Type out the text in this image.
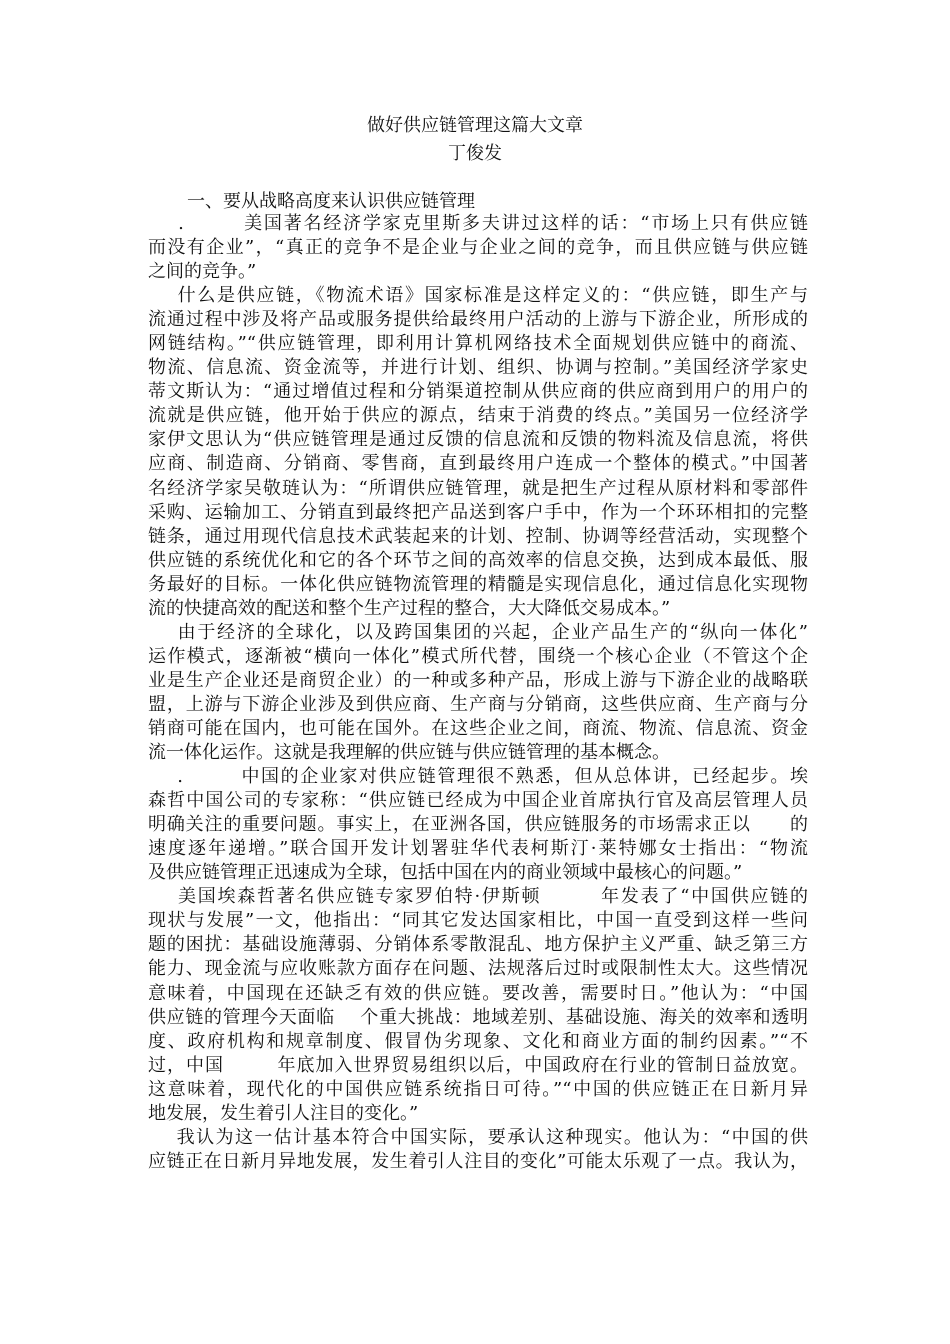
做好供应链管理这篇大文章
丁俊发
一、要从战略高度来认识供应链管理
.        美国著名经济学家克里斯多夫讲过这样的话：“市场上只有供应链
而没有企业”，“真正的竞争不是企业与企业之间的竞争，而且供应链与供应链
之间的竞争。”
什么是供应链，《物流术语》国家标准是这样定义的：“供应链，即生产与
流通过程中涉及将产品或服务提供给最终用户活动的上游与下游企业，所形成的
网链结构。”“供应链管理，即利用计算机网络技术全面规划供应链中的商流、
物流、信息流、资金流等，并进行计划、组织、协调与控制。”美国经济学家史
蒂文斯认为：“通过增值过程和分销渠道控制从供应商的供应商到用户的用户的
流就是供应链，他开始于供应的源点，结束于消费的终点。”美国另一位经济学
家伊文思认为“供应链管理是通过反馈的信息流和反馈的物料流及信息流，将供
应商、制造商、分销商、零售商，直到最终用户连成一个整体的模式。”中国著
名经济学家吴敬琏认为：“所谓供应链管理，就是把生产过程从原材料和零部件
采购、运输加工、分销直到最终把产品送到客户手中，作为一个环环相扣的完整
链条，通过用现代信息技术武装起来的计划、控制、协调等经营活动，实现整个
供应链的系统优化和它的各个环节之间的高效率的信息交换，达到成本最低、服
务最好的目标。一体化供应链物流管理的精髓是实现信息化，通过信息化实现物
流的快捷高效的配送和整个生产过程的整合，大大降低交易成本。”
由于经济的全球化，以及跨国集团的兴起，企业产品生产的“纵向一体化”
运作模式，逐渐被“横向一体化”模式所代替，围绕一个核心企业（不管这个企
业是生产企业还是商贸企业）的一种或多种产品，形成上游与下游企业的战略联
盟，上游与下游企业涉及到供应商、生产商与分销商，这些供应商、生产商与分
销商可能在国内，也可能在国外。在这些企业之间，商流、物流、信息流、资金
流一体化运作。这就是我理解的供应链与供应链管理的基本概念。
.        中国的企业家对供应链管理很不熟悉，但从总体讲，已经起步。埃
森哲中国公司的专家称：“供应链已经成为中国企业首席执行官及高层管理人员
明确关注的重要问题。事实上，在亚洲各国，供应链服务的市场需求正以      的
速度逐年递增。”联合国开发计划署驻华代表柯斯汀·莱特娜女士指出：“物流
及供应链管理正迅速成为全球，包括中国在内的商业领域中最核心的问题。”
美国埃森哲著名供应链专家罗伯特·伊斯顿        年发表了“中国供应链的
现状与发展”一文，他指出：“同其它发达国家相比，中国一直受到这样一些问
题的困扰：基础设施薄弱、分销体系零散混乱、地方保护主义严重、缺乏第三方
能力、现金流与应收账款方面存在问题、法规落后过时或限制性太大。这些情况
意味着，中国现在还缺乏有效的供应链。要改善，需要时日。”他认为：“中国
供应链的管理今天面临    个重大挑战：地域差别、基础设施、海关的效率和透明
度、政府机构和规章制度、假冒伪劣现象、文化和商业方面的制约因素。”“不
过，中国        年底加入世界贸易组织以后，中国政府在行业的管制日益放宽。
这意味着，现代化的中国供应链系统指日可待。”“中国的供应链正在日新月异
地发展，发生着引人注目的变化。”
我认为这一估计基本符合中国实际，要承认这种现实。他认为：“中国的供
应链正在日新月异地发展，发生着引人注目的变化”可能太乐观了一点。我认为，
